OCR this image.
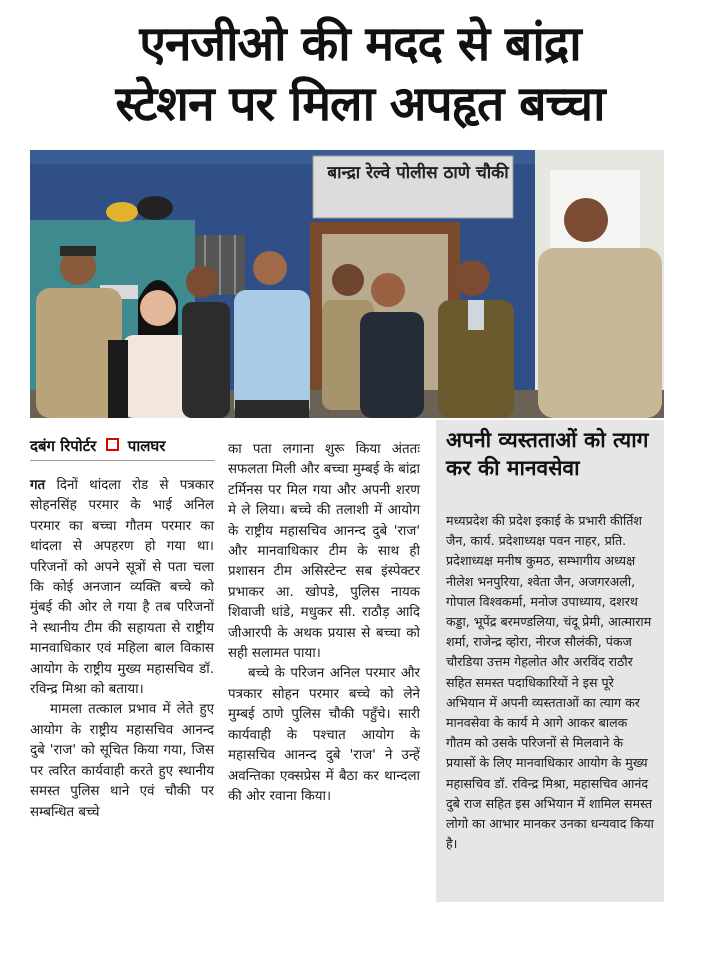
एनजीओ की मदद से बांद्रा
स्टेशन पर मिला अपहृत बच्चा
बान्द्रा रेल्वे पोलीस ठाणे चौकी
दबंग रिपोर्टर पालघर

गत दिनों थांदला रोड से पत्रकार सोहनसिंह परमार के भाई अनिल परमार का बच्चा गौतम परमार का थांदला से अपहरण हो गया था। परिजनों को अपने सूत्रों से पता चला कि कोई अनजान व्यक्ति बच्चे को मुंबई की ओर ले गया है तब परिजनों ने स्थानीय टीम की सहायता से राष्ट्रीय मानवाधिकार एवं महिला बाल विकास आयोग के राष्ट्रीय मुख्य महासचिव डॉ. रविन्द्र मिश्रा को बताया।

मामला तत्काल प्रभाव में लेते हुए आयोग के राष्ट्रीय महासचिव आनन्द दुबे 'राज' को सूचित किया गया, जिस पर त्वरित कार्यवाही करते हुए स्थानीय समस्त पुलिस थाने एवं चौकी पर सम्बन्धित बच्चे

का पता लगाना शुरू किया अंततः सफलता मिली और बच्चा मुम्बई के बांद्रा टर्मिनस पर मिल गया और अपनी शरण मे ले लिया। बच्चे की तलाशी में आयोग के राष्ट्रीय महासचिव आनन्द दुबे 'राज' और मानवाधिकार टीम के साथ ही प्रशासन टीम असिस्टेन्ट सब इंस्पेक्टर प्रभाकर आ. खोपडे, पुलिस नायक शिवाजी धांडे, मधुकर सी. राठौड़ आदि जीआरपी के अथक प्रयास से बच्चा को सही सलामत पाया।

बच्चे के परिजन अनिल परमार और पत्रकार सोहन परमार बच्चे को लेने मुम्बई ठाणे पुलिस चौकी पहुँचे। सारी कार्यवाही के पश्चात आयोग के महासचिव आनन्द दुबे 'राज' ने उन्हें अवन्तिका एक्सप्रेस में बैठा कर थान्दला की ओर रवाना किया।

अपनी व्यस्तताओं को त्याग कर की मानवसेवा
मध्यप्रदेश की प्रदेश इकाई के प्रभारी कीर्तिश जैन, कार्य. प्रदेशाध्यक्ष पवन नाहर, प्रति. प्रदेशाध्यक्ष मनीष कुमठ, सम्भागीय अध्यक्ष नीलेश भनपुरिया, श्वेता जैन, अजगरअली, गोपाल विश्वकर्मा, मनोज उपाध्याय, दशरथ कड्डा, भूपेंद्र बरमण्डलिया, चंदू प्रेमी, आत्माराम शर्मा, राजेन्द्र व्होरा, नीरज सौलंकी, पंकज चौरडिया उत्तम गेहलोत और अरविंद राठौर सहित समस्त पदाधिकारियों ने इस पूरे अभियान में अपनी व्यस्तताओं का त्याग कर मानवसेवा के कार्य मे आगे आकर बालक गौतम को उसके परिजनों से मिलवाने के प्रयासों के लिए मानवाधिकार आयोग के मुख्य महासचिव डॉ. रविन्द्र मिश्रा, महासचिव आनंद दुबे राज सहित इस अभियान में शामिल समस्त लोगो का आभार मानकर उनका धन्यवाद किया है।
